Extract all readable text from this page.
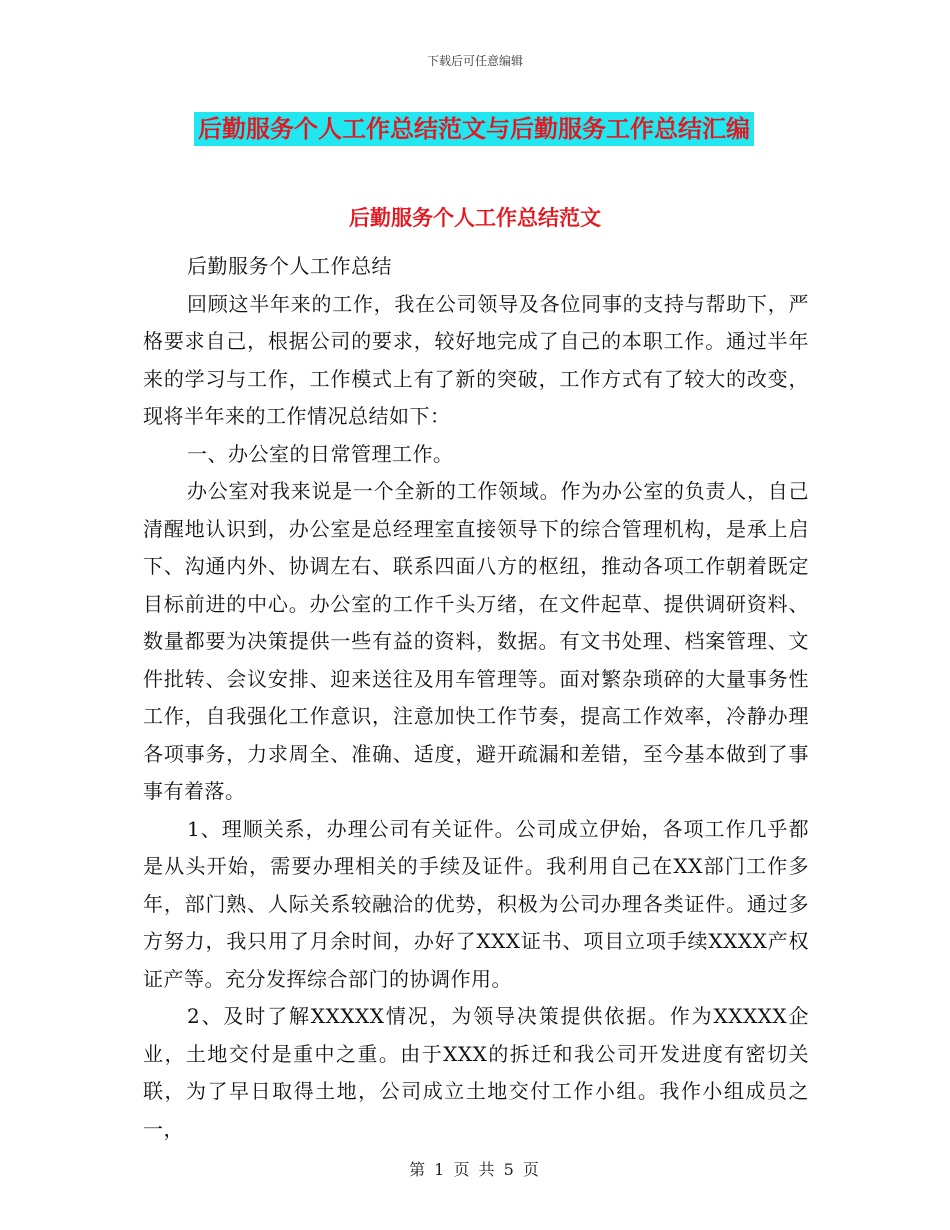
下载后可任意编辑
后勤服务个人工作总结范文与后勤服务工作总结汇编
后勤服务个人工作总结范文

后勤服务个人工作总结

回顾这半年来的工作，我在公司领导及各位同事的支持与帮助下，严格要求自己，根据公司的要求，较好地完成了自己的本职工作。通过半年来的学习与工作，工作模式上有了新的突破，工作方式有了较大的改变，现将半年来的工作情况总结如下：

一、办公室的日常管理工作。

办公室对我来说是一个全新的工作领域。作为办公室的负责人，自己清醒地认识到，办公室是总经理室直接领导下的综合管理机构，是承上启下、沟通内外、协调左右、联系四面八方的枢纽，推动各项工作朝着既定目标前进的中心。办公室的工作千头万绪，在文件起草、提供调研资料、数量都要为决策提供一些有益的资料，数据。有文书处理、档案管理、文件批转、会议安排、迎来送往及用车管理等。面对繁杂琐碎的大量事务性工作，自我强化工作意识，注意加快工作节奏，提高工作效率，冷静办理各项事务，力求周全、准确、适度，避开疏漏和差错，至今基本做到了事事有着落。

1、理顺关系，办理公司有关证件。公司成立伊始，各项工作几乎都是从头开始，需要办理相关的手续及证件。我利用自己在XX部门工作多年，部门熟、人际关系较融洽的优势，积极为公司办理各类证件。通过多方努力，我只用了月余时间，办好了XXX证书、项目立项手续XXXX产权证产等。充分发挥综合部门的协调作用。

2、及时了解XXXXX情况，为领导决策提供依据。作为XXXXX企业，土地交付是重中之重。由于XXX的拆迁和我公司开发进度有密切关联，为了早日取得土地，公司成立土地交付工作小组。我作小组成员之一，

第 1 页 共 5 页
